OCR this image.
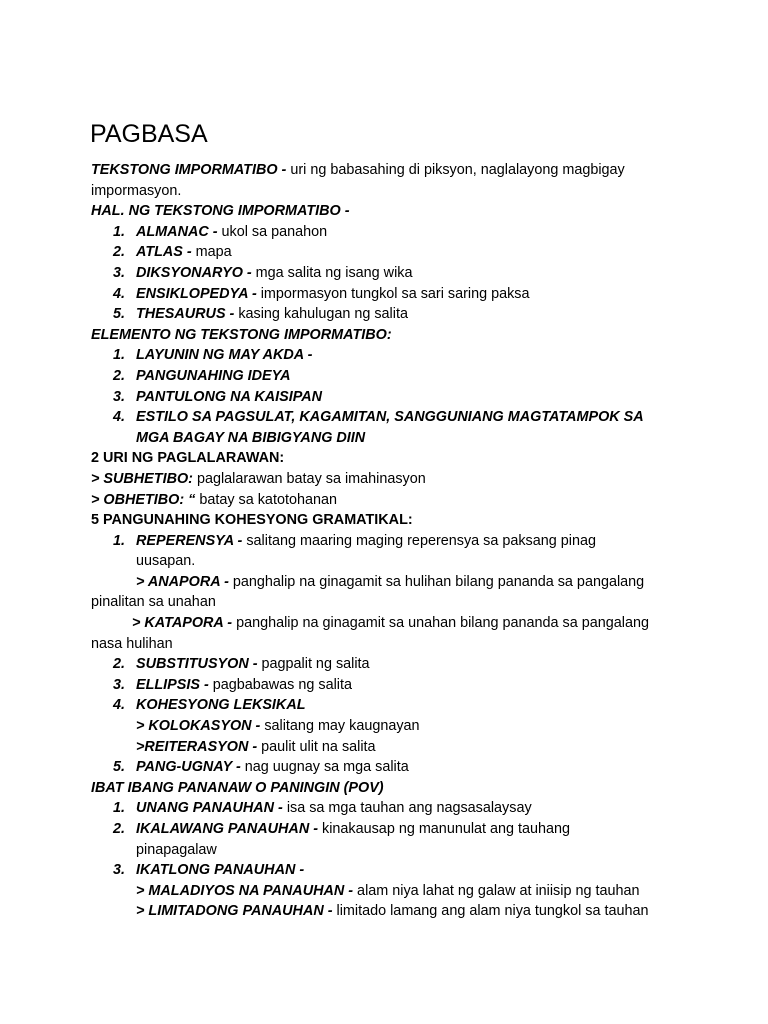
PAGBASA
TEKSTONG IMPORMATIBO - uri ng babasahing di piksyon, naglalayong magbigay
impormasyon.
HAL. NG TEKSTONG IMPORMATIBO -
1. ALMANAC - ukol sa panahon
2. ATLAS - mapa
3. DIKSYONARYO - mga salita ng isang wika
4. ENSIKLOPEDYA - impormasyon tungkol sa sari saring paksa
5. THESAURUS - kasing kahulugan ng salita
ELEMENTO NG TEKSTONG IMPORMATIBO:
1. LAYUNIN NG MAY AKDA -
2. PANGUNAHING IDEYA
3. PANTULONG NA KAISIPAN
4. ESTILO SA PAGSULAT, KAGAMITAN, SANGGUNIANG MAGTATAMPOK SA
MGA BAGAY NA BIBIGYANG DIIN
2 URI NG PAGLALARAWAN:
> SUBHETIBO: paglalarawan batay sa imahinasyon
> OBHETIBO: “ batay sa katotohanan
5 PANGUNAHING KOHESYONG GRAMATIKAL:
1. REPERENSYA - salitang maaring maging reperensya sa paksang pinag
uusapan.
> ANAPORA - panghalip na ginagamit sa hulihan bilang pananda sa pangalang
pinalitan sa unahan
> KATAPORA - panghalip na ginagamit sa unahan bilang pananda sa pangalang
nasa hulihan
2. SUBSTITUSYON - pagpalit ng salita
3. ELLIPSIS - pagbabawas ng salita
4. KOHESYONG LEKSIKAL
> KOLOKASYON - salitang may kaugnayan
>REITERASYON - paulit ulit na salita
5. PANG-UGNAY - nag uugnay sa mga salita
IBAT IBANG PANANAW O PANINGIN (POV)
1. UNANG PANAUHAN - isa sa mga tauhan ang nagsasalaysay
2. IKALAWANG PANAUHAN - kinakausap ng manunulat ang tauhang
pinapagalaw
3. IKATLONG PANAUHAN -
> MALADIYOS NA PANAUHAN - alam niya lahat ng galaw at iniisip ng tauhan
> LIMITADONG PANAUHAN - limitado lamang ang alam niya tungkol sa tauhan
